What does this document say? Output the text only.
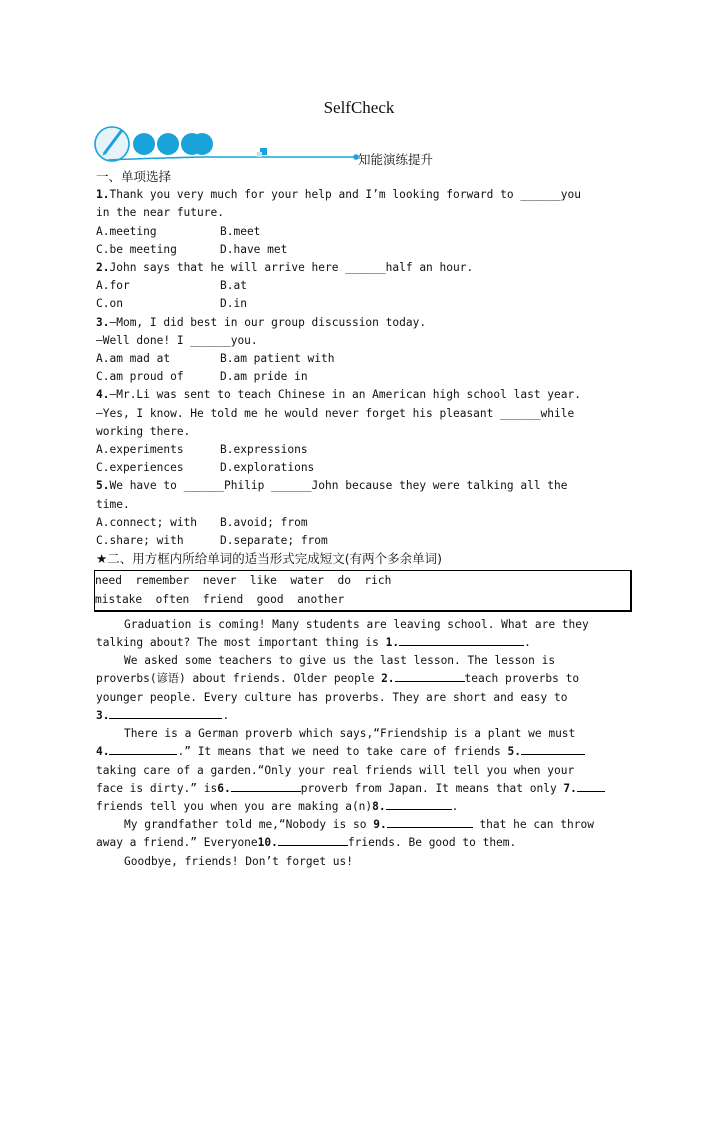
SelfCheck
知能演练提升
一、单项选择
1.Thank you very much for your help and I’m looking forward to ______you
in the near future.
A.meeting	B.meet
C.be meeting	D.have met
2.John says that he will arrive here ______half an hour.
A.for	B.at
C.on	D.in
3.—Mom, I did best in our group discussion today.
—Well done! I ______you.
A.am mad at	B.am patient with
C.am proud of	D.am pride in
4.—Mr.Li was sent to teach Chinese in an American high school last year.
—Yes, I know. He told me he would never forget his pleasant ______while
working there.
A.experiments	B.expressions
C.experiences	D.explorations
5.We have to ______Philip ______John because they were talking all the
time.
A.connect; with B.avoid; from
C.share; with	D.separate; from
★二、用方框内所给单词的适当形式完成短文(有两个多余单词)
need  remember  never  like  water  do  rich
mistake  often  friend  good  another
Graduation is coming! Many students are leaving school. What are they
talking about? The most important thing is 1.	.
We asked some teachers to give us the last lesson. The lesson is
proverbs(谚语) about friends. Older people 2.	teach proverbs to
younger people. Every culture has proverbs. They are short and easy to
3.	.
There is a German proverb which says,“Friendship is a plant we must
4.	.” It means that we need to take care of friends 5.
taking care of a garden.“Only your real friends will tell you when your
face is dirty.” is6.	proverb from Japan. It means that only 7.
friends tell you when you are making a(n)8.	.
My grandfather told me,“Nobody is so 9.	that he can throw
away a friend.” Everyone10.	friends. Be good to them.
Goodbye, friends! Don’t forget us!
